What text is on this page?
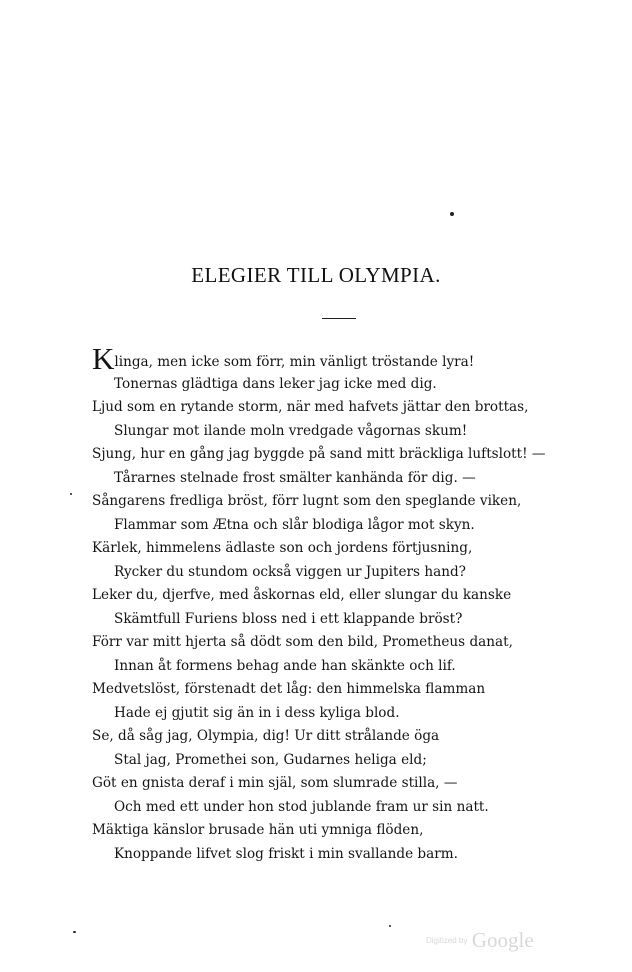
ELEGIER TILL OLYMPIA.
Klinga, men icke som förr, min vänligt tröstande lyra!
Tonernas glädtiga dans leker jag icke med dig.
Ljud som en rytande storm, när med hafvets jättar den brottas,
Slungar mot ilande moln vredgade vågornas skum!
Sjung, hur en gång jag byggde på sand mitt bräckliga luftslott! —
Tårarnes stelnade frost smälter kanhända för dig. —
Sångarens fredliga bröst, förr lugnt som den speglande viken,
Flammar som Ætna och slår blodiga lågor mot skyn.
Kärlek, himmelens ädlaste son och jordens förtjusning,
Rycker du stundom också viggen ur Jupiters hand?
Leker du, djerfve, med åskornas eld, eller slungar du kanske
Skämtfull Furiens bloss ned i ett klappande bröst?
Förr var mitt hjerta så dödt som den bild, Prometheus danat,
Innan åt formens behag ande han skänkte och lif.
Medvetslöst, förstenadt det låg: den himmelska flamman
Hade ej gjutit sig än in i dess kyliga blod.
Se, då såg jag, Olympia, dig! Ur ditt strålande öga
Stal jag, Promethei son, Gudarnes heliga eld;
Göt en gnista deraf i min själ, som slumrade stilla, —
Och med ett under hon stod jublande fram ur sin natt.
Mäktiga känslor brusade hän uti ymniga flöden,
Knoppande lifvet slog friskt i min svallande barm.
Digitized by Google
